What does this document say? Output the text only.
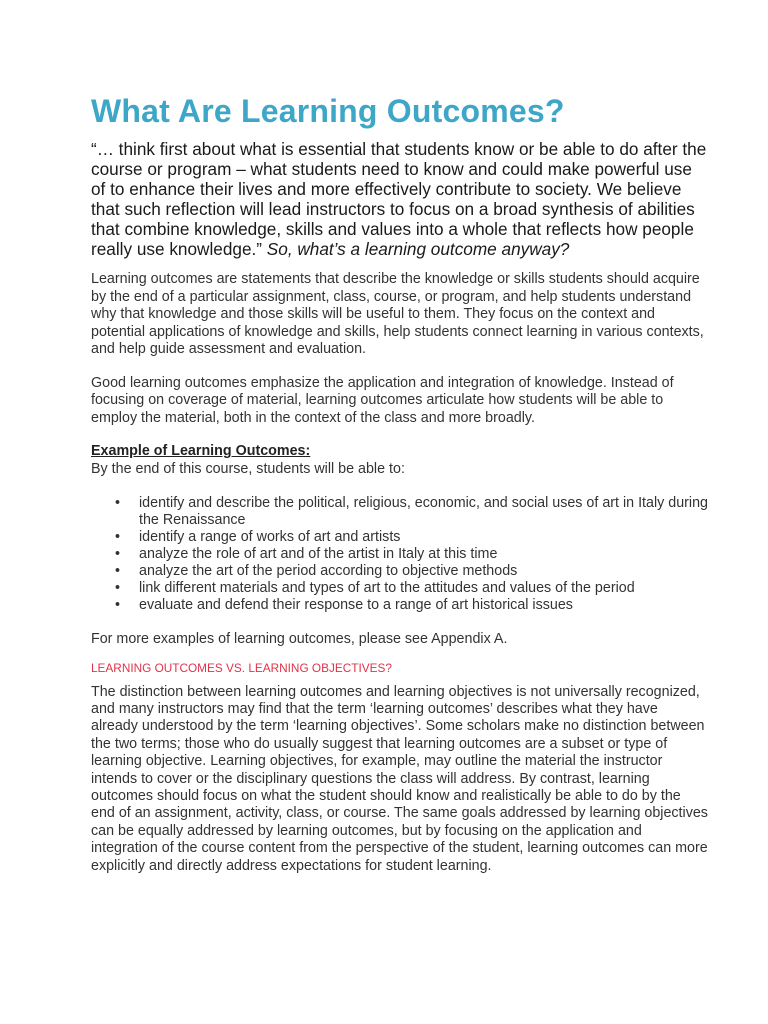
What Are Learning Outcomes?

“… think first about what is essential that students know or be able to do after the course or program – what students need to know and could make powerful use of to enhance their lives and more effectively contribute to society. We believe that such reflection will lead instructors to focus on a broad synthesis of abilities that combine knowledge, skills and values into a whole that reflects how people really use knowledge.” So, what’s a learning outcome anyway?

Learning outcomes are statements that describe the knowledge or skills students should acquire by the end of a particular assignment, class, course, or program, and help students understand why that knowledge and those skills will be useful to them. They focus on the context and potential applications of knowledge and skills, help students connect learning in various contexts, and help guide assessment and evaluation.

Good learning outcomes emphasize the application and integration of knowledge. Instead of focusing on coverage of material, learning outcomes articulate how students will be able to employ the material, both in the context of the class and more broadly.

Example of Learning Outcomes:

By the end of this course, students will be able to:

• identify and describe the political, religious, economic, and social uses of art in Italy during the Renaissance
• identify a range of works of art and artists
• analyze the role of art and of the artist in Italy at this time
• analyze the art of the period according to objective methods
• link different materials and types of art to the attitudes and values of the period
• evaluate and defend their response to a range of art historical issues

For more examples of learning outcomes, please see Appendix A.

LEARNING OUTCOMES VS. LEARNING OBJECTIVES?

The distinction between learning outcomes and learning objectives is not universally recognized, and many instructors may find that the term ‘learning outcomes’ describes what they have already understood by the term ‘learning objectives’. Some scholars make no distinction between the two terms; those who do usually suggest that learning outcomes are a subset or type of learning objective. Learning objectives, for example, may outline the material the instructor intends to cover or the disciplinary questions the class will address. By contrast, learning outcomes should focus on what the student should know and realistically be able to do by the end of an assignment, activity, class, or course. The same goals addressed by learning objectives can be equally addressed by learning outcomes, but by focusing on the application and integration of the course content from the perspective of the student, learning outcomes can more explicitly and directly address expectations for student learning.
